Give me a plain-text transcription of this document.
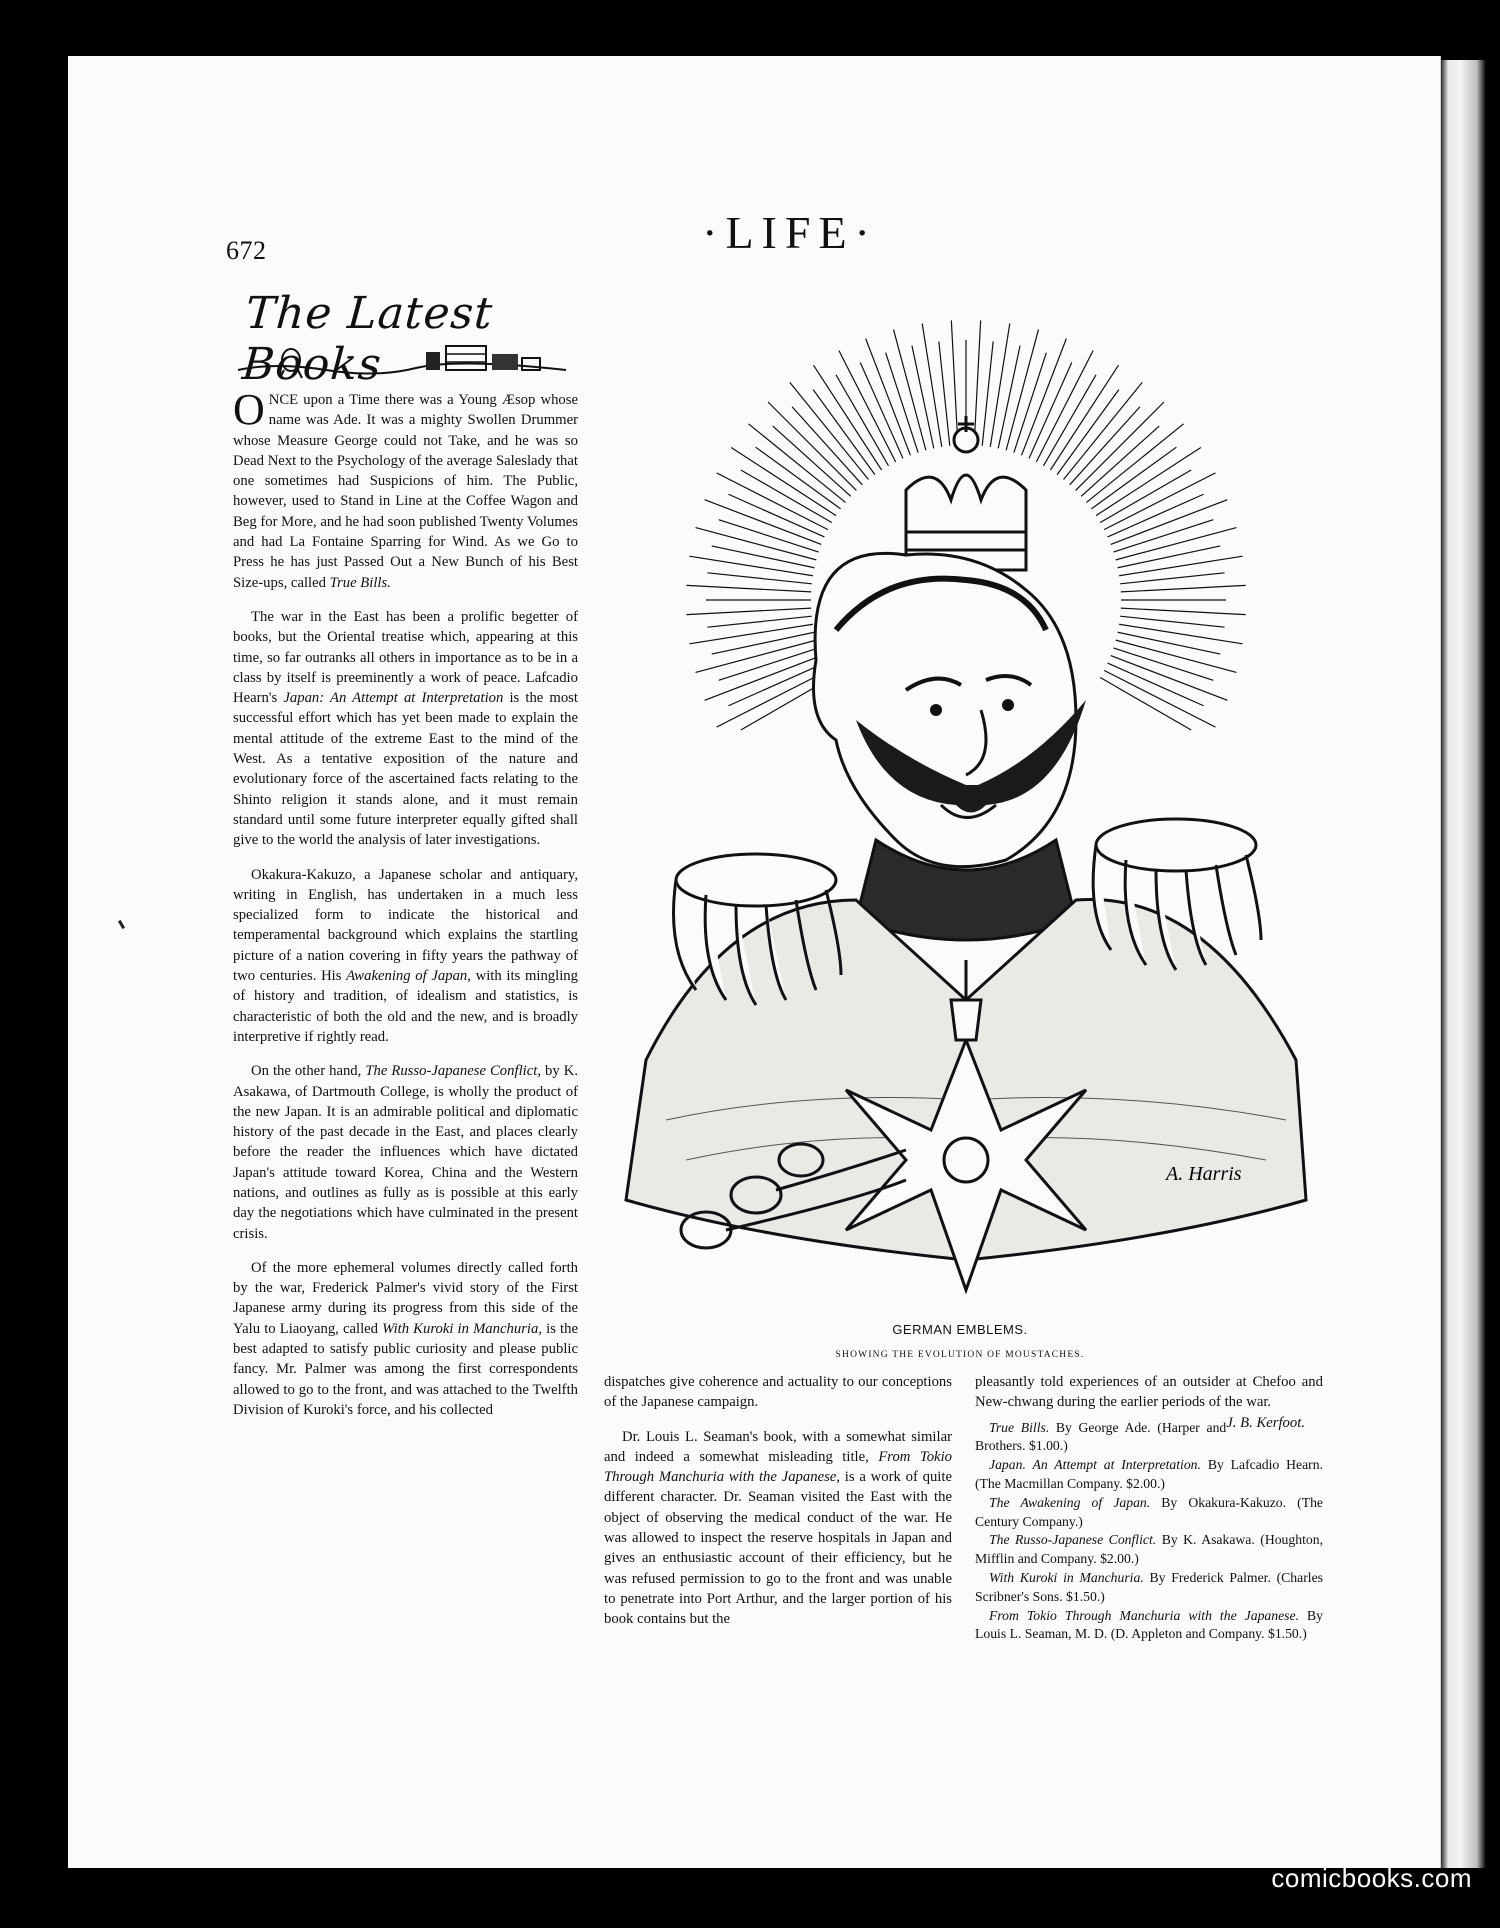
672	·LIFE·
The Latest Books

ONCE upon a Time there was a Young Æsop whose name was Ade. It was a mighty Swollen Drummer whose Measure George could not Take, and he was so Dead Next to the Psychology of the average Saleslady that one sometimes had Suspicions of him. The Public, however, used to Stand in Line at the Coffee Wagon and Beg for More, and he had soon published Twenty Volumes and had La Fontaine Sparring for Wind. As we Go to Press he has just Passed Out a New Bunch of his Best Size-ups, called True Bills.

The war in the East has been a prolific begetter of books, but the Oriental treatise which, appearing at this time, so far outranks all others in importance as to be in a class by itself is preeminently a work of peace. Lafcadio Hearn's Japan: An Attempt at Interpretation is the most successful effort which has yet been made to explain the mental attitude of the extreme East to the mind of the West. As a tentative exposition of the nature and evolutionary force of the ascertained facts relating to the Shinto religion it stands alone, and it must remain standard until some future interpreter equally gifted shall give to the world the analysis of later investigations.

Okakura-Kakuzo, a Japanese scholar and antiquary, writing in English, has undertaken in a much less specialized form to indicate the historical and temperamental background which explains the startling picture of a nation covering in fifty years the pathway of two centuries. His Awakening of Japan, with its mingling of history and tradition, of idealism and statistics, is characteristic of both the old and the new, and is broadly interpretive if rightly read.

On the other hand, The Russo-Japanese Conflict, by K. Asakawa, of Dartmouth College, is wholly the product of the new Japan. It is an admirable political and diplomatic history of the past decade in the East, and places clearly before the reader the influences which have dictated Japan's attitude toward Korea, China and the Western nations, and outlines as fully as is possible at this early day the negotiations which have culminated in the present crisis.

Of the more ephemeral volumes directly called forth by the war, Frederick Palmer's vivid story of the First Japanese army during its progress from this side of the Yalu to Liaoyang, called With Kuroki in Manchuria, is the best adapted to satisfy public curiosity and please public fancy. Mr. Palmer was among the first correspondents allowed to go to the front, and was attached to the Twelfth Division of Kuroki's force, and his collected

A. Harris
GERMAN EMBLEMS.
SHOWING THE EVOLUTION OF MOUSTACHES.

dispatches give coherence and actuality to our conceptions of the Japanese campaign.

Dr. Louis L. Seaman's book, with a somewhat similar and indeed a somewhat misleading title, From Tokio Through Manchuria with the Japanese, is a work of quite different character. Dr. Seaman visited the East with the object of observing the medical conduct of the war. He was allowed to inspect the reserve hospitals in Japan and gives an enthusiastic account of their efficiency, but he was refused permission to go to the front and was unable to penetrate into Port Arthur, and the larger portion of his book contains but the

pleasantly told experiences of an outsider at Chefoo and New-chwang during the earlier periods of the war.
J. B. Kerfoot.

True Bills. By George Ade. (Harper and Brothers. $1.00.)
Japan. An Attempt at Interpretation. By Lafcadio Hearn. (The Macmillan Company. $2.00.)
The Awakening of Japan. By Okakura-Kakuzo. (The Century Company.)
The Russo-Japanese Conflict. By K. Asakawa. (Houghton, Mifflin and Company. $2.00.)
With Kuroki in Manchuria. By Frederick Palmer. (Charles Scribner's Sons. $1.50.)
From Tokio Through Manchuria with the Japanese. By Louis L. Seaman, M. D. (D. Appleton and Company. $1.50.)
comicbooks.com
